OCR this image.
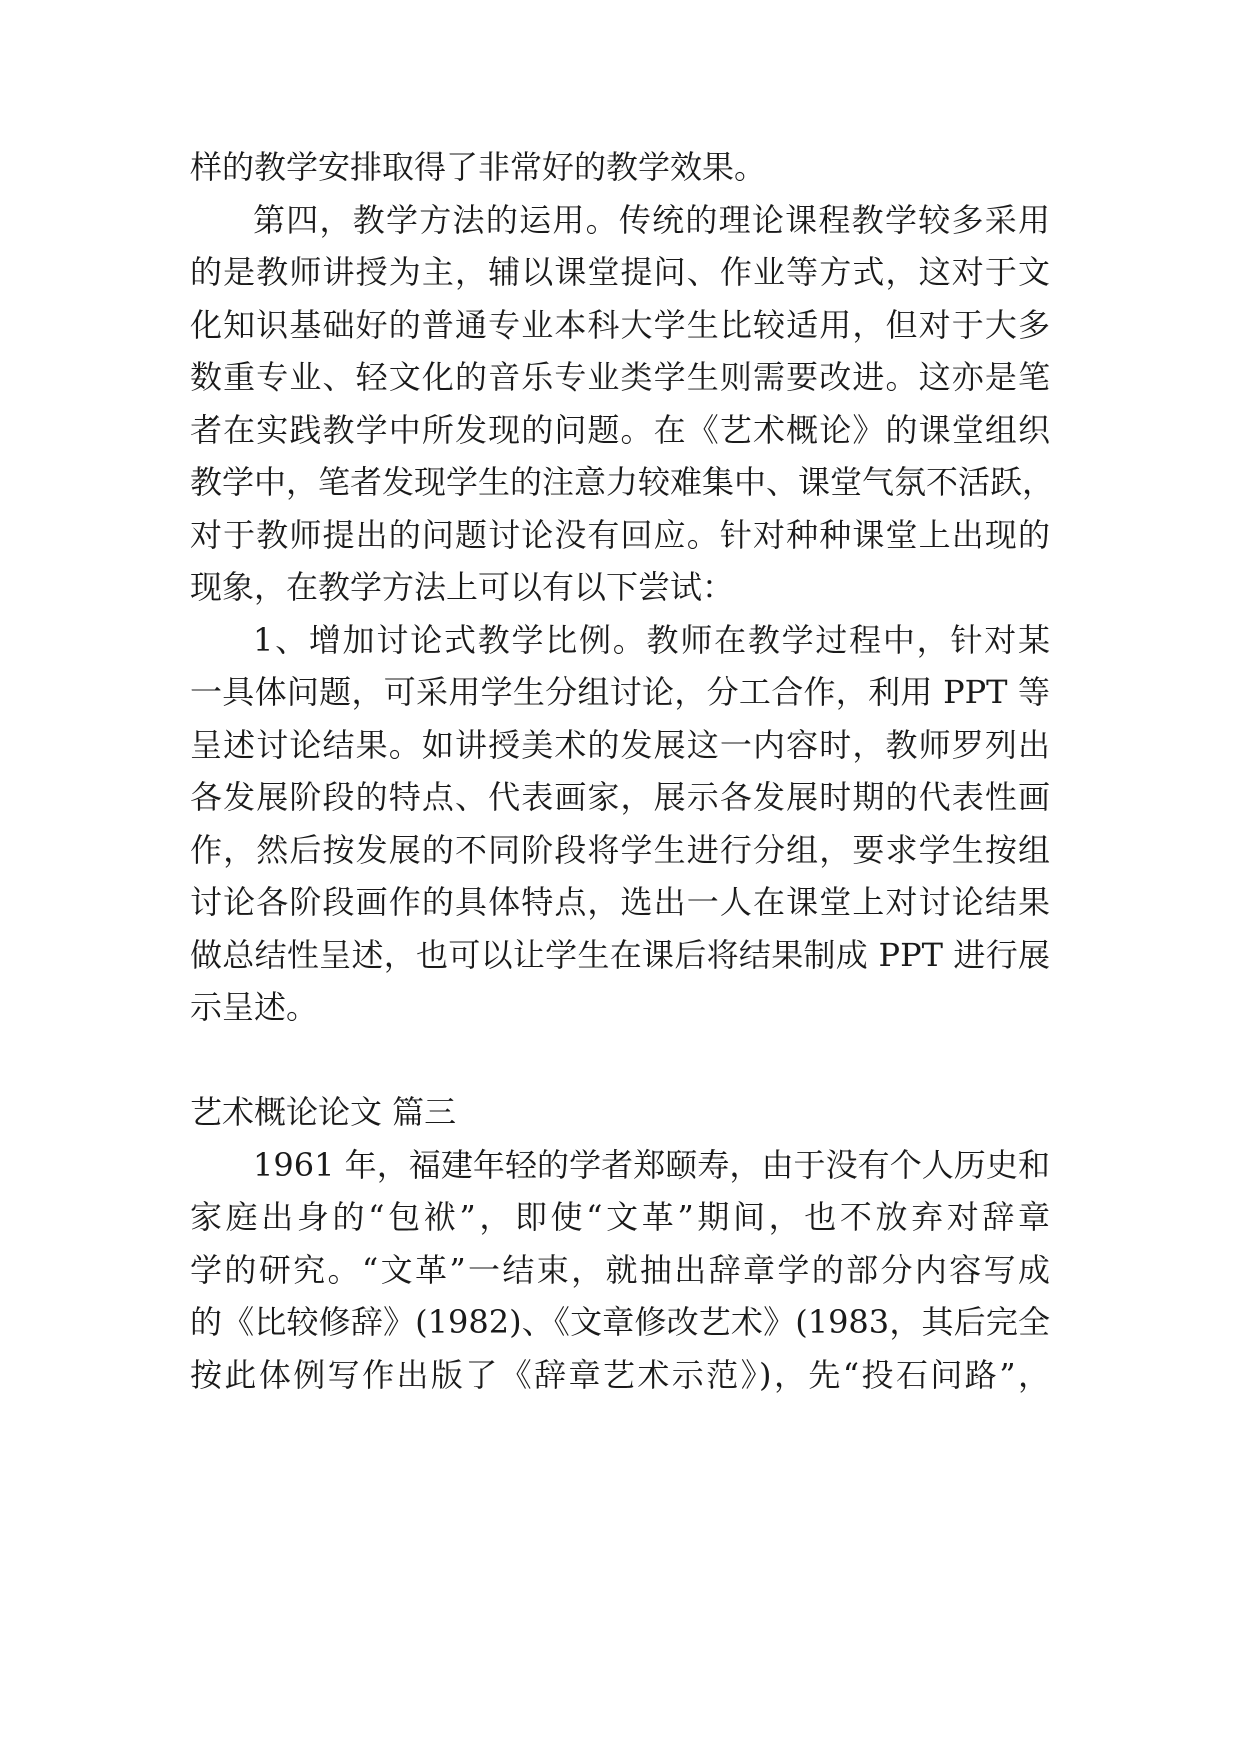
样的教学安排取得了非常好的教学效果。
第四，教学方法的运用。传统的理论课程教学较多采用
的是教师讲授为主，辅以课堂提问、作业等方式，这对于文
化知识基础好的普通专业本科大学生比较适用，但对于大多
数重专业、轻文化的音乐专业类学生则需要改进。这亦是笔
者在实践教学中所发现的问题。在《艺术概论》的课堂组织
教学中，笔者发现学生的注意力较难集中、课堂气氛不活跃，
对于教师提出的问题讨论没有回应。针对种种课堂上出现的
现象，在教学方法上可以有以下尝试：
1、增加讨论式教学比例。教师在教学过程中，针对某
一具体问题，可采用学生分组讨论，分工合作，利用 PPT 等
呈述讨论结果。如讲授美术的发展这一内容时，教师罗列出
各发展阶段的特点、代表画家，展示各发展时期的代表性画
作，然后按发展的不同阶段将学生进行分组，要求学生按组
讨论各阶段画作的具体特点，选出一人在课堂上对讨论结果
做总结性呈述，也可以让学生在课后将结果制成 PPT 进行展
示呈述。
艺术概论论文 篇三
1961 年，福建年轻的学者郑颐寿，由于没有个人历史和
家庭出身的“包袱”，即使“文革”期间，也不放弃对辞章
学的研究。“文革”一结束，就抽出辞章学的部分内容写成
的《比较修辞》(1982)、《文章修改艺术》(1983，其后完全
按此体例写作出版了《辞章艺术示范》)，先“投石问路”，
